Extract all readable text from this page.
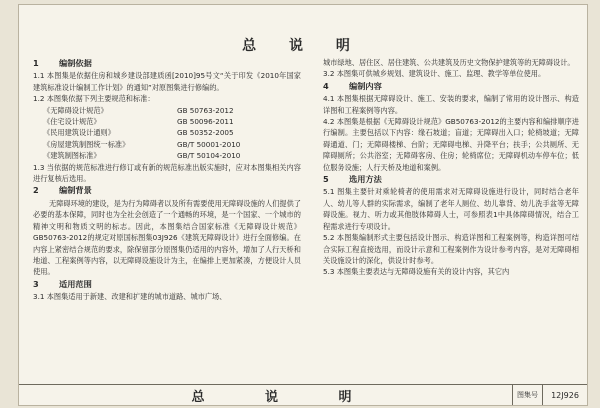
总 说 明
1 编制依据

1.1 本图集是依据住房和城乡建设部建质函[2010]95号文“关于印发《2010年国家建筑标准设计编制工作计划》的通知”对原图集进行修编的。

1.2 本图集依据下列主要规范和标准：

《无障碍设计规范》	GB 50763-2012
《住宅设计规范》	GB 50096-2011
《民用建筑设计通则》	GB 50352-2005
《房屋建筑制图统一标准》	GB/T 50001-2010
《建筑制图标准》	GB/T 50104-2010

1.3 当依据的规范标准进行修订或有新的规范标准出版实施时，应对本图集相关内容进行复核后选用。

2 编制背景

无障碍环境的建设，是为行为障碍者以及所有需要使用无障碍设施的人们提供了必要的基本保障，同时也为全社会创造了一个通畅的环境，是一个国家、一个城市的精神文明和物质文明的标志。因此，本图集结合国家标准《无障碍设计规范》GB50763-2012的规定对原国标图集03J926《建筑无障碍设计》进行全面修编。在内容上紧密结合规范的要求，除保留部分原图集仍适用的内容外，增加了人行天桥和地道、工程案例等内容，以无障碍设施设计为主，在编排上更加紧凑，方便设计人员使用。

3 适用范围

3.1 本图集适用于新建、改建和扩建的城市道路、城市广场、

城市绿地、居住区、居住建筑、公共建筑及历史文物保护建筑等的无障碍设计。

3.2 本图集可供城乡规划、建筑设计、施工、监理、教学等单位使用。

4 编制内容

4.1 本图集根据无障碍设计、施工、安装的要求，编制了常用的设计图示、构造详图和工程案例等内容。

4.2 本图集是根据《无障碍设计规范》GB50763-2012的主要内容和编排顺序进行编制。主要包括以下内容：缘石坡道；盲道；无障碍出入口；轮椅坡道；无障碍通道、门；无障碍楼梯、台阶；无障碍电梯、升降平台；扶手；公共厕所、无障碍厕所；公共浴室；无障碍客房、住房；轮椅席位；无障碍机动车停车位；低位服务设施；人行天桥及地道和案例。

5 选用方法

5.1 图集主要针对乘轮椅者的使用需求对无障碍设施进行设计，同时结合老年人、幼儿等人群的实际需求，编制了老年人厕位、幼儿靠背、幼儿洗手盆等无障碍设施。视力、听力或其他肢体障碍人士，可参照表1中具体障碍情况，结合工程需求进行专项设计。

5.2 本图集编制形式主要包括设计图示、构造详图和工程案例等，构造详图可结合实际工程直接选用，而设计示意和工程案例作为设计参考内容，是对无障碍相关设施设计的深化，供设计时参考。

5.3 本图集主要表达与无障碍设施有关的设计内容，其它内

总 说 明	图集号	12J926
